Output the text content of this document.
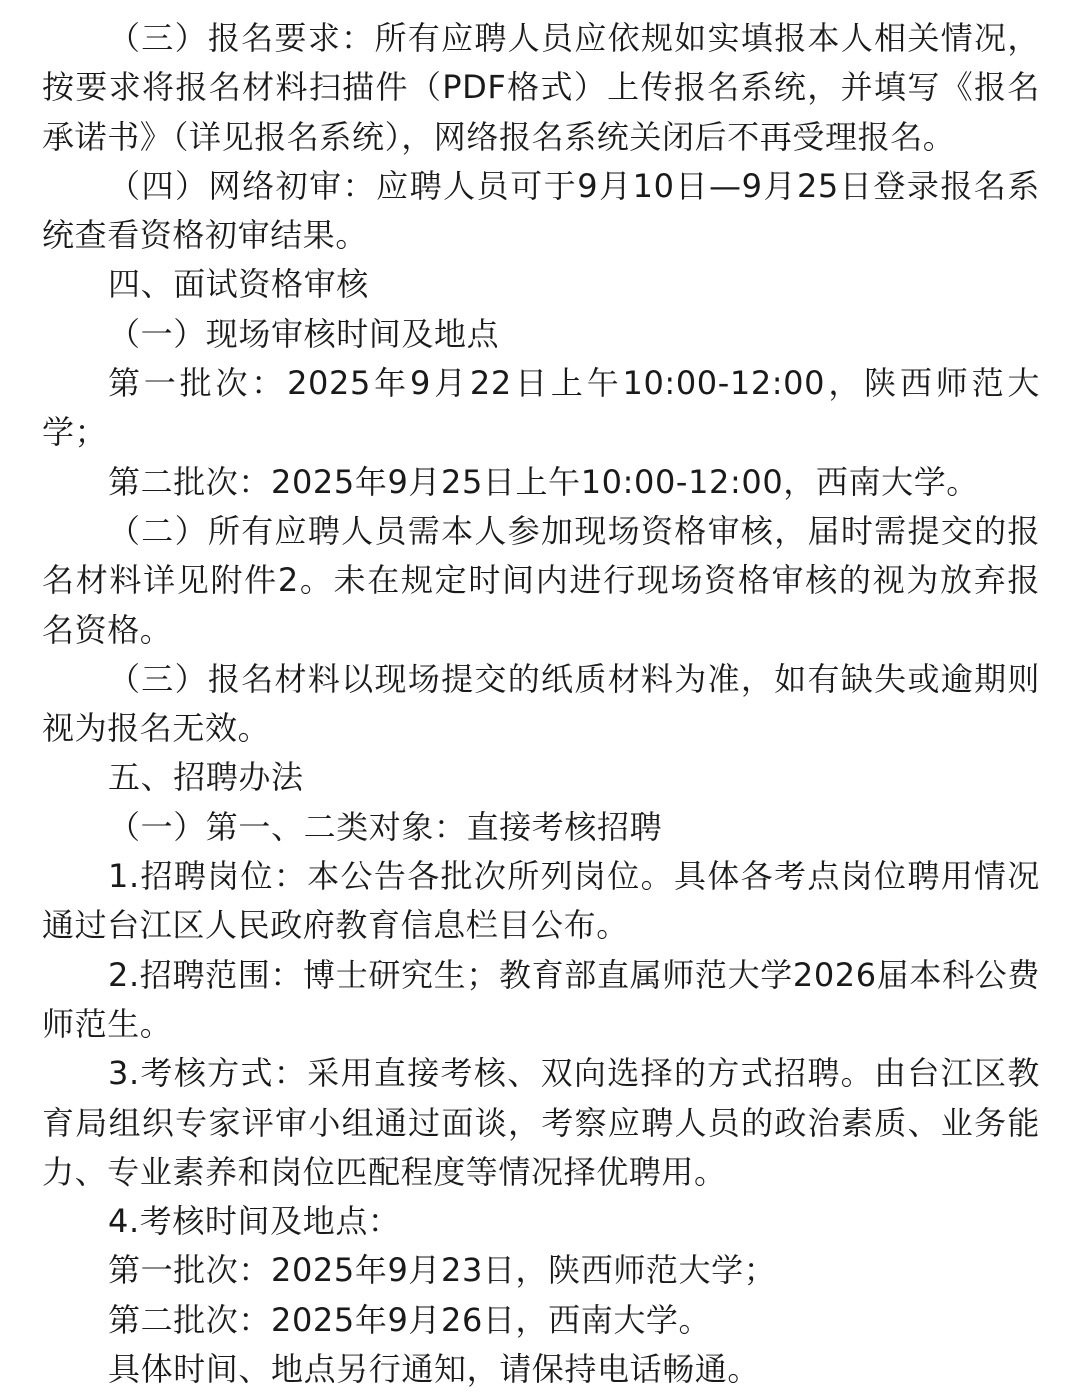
（三）报名要求：所有应聘人员应依规如实填报本人相关情况，按要求将报名材料扫描件（PDF格式）上传报名系统，并填写《报名承诺书》（详见报名系统），网络报名系统关闭后不再受理报名。

（四）网络初审：应聘人员可于9月10日—9月25日登录报名系统查看资格初审结果。

四、面试资格审核

（一）现场审核时间及地点

第一批次：2025年9月22日上午10:00-12:00，陕西师范大学；

第二批次：2025年9月25日上午10:00-12:00，西南大学。

（二）所有应聘人员需本人参加现场资格审核，届时需提交的报名材料详见附件2。未在规定时间内进行现场资格审核的视为放弃报名资格。

（三）报名材料以现场提交的纸质材料为准，如有缺失或逾期则视为报名无效。

五、招聘办法

（一）第一、二类对象：直接考核招聘

1.招聘岗位：本公告各批次所列岗位。具体各考点岗位聘用情况通过台江区人民政府教育信息栏目公布。

2.招聘范围：博士研究生；教育部直属师范大学2026届本科公费师范生。

3.考核方式：采用直接考核、双向选择的方式招聘。由台江区教育局组织专家评审小组通过面谈，考察应聘人员的政治素质、业务能力、专业素养和岗位匹配程度等情况择优聘用。

4.考核时间及地点：

第一批次：2025年9月23日，陕西师范大学；

第二批次：2025年9月26日，西南大学。

具体时间、地点另行通知，请保持电话畅通。
